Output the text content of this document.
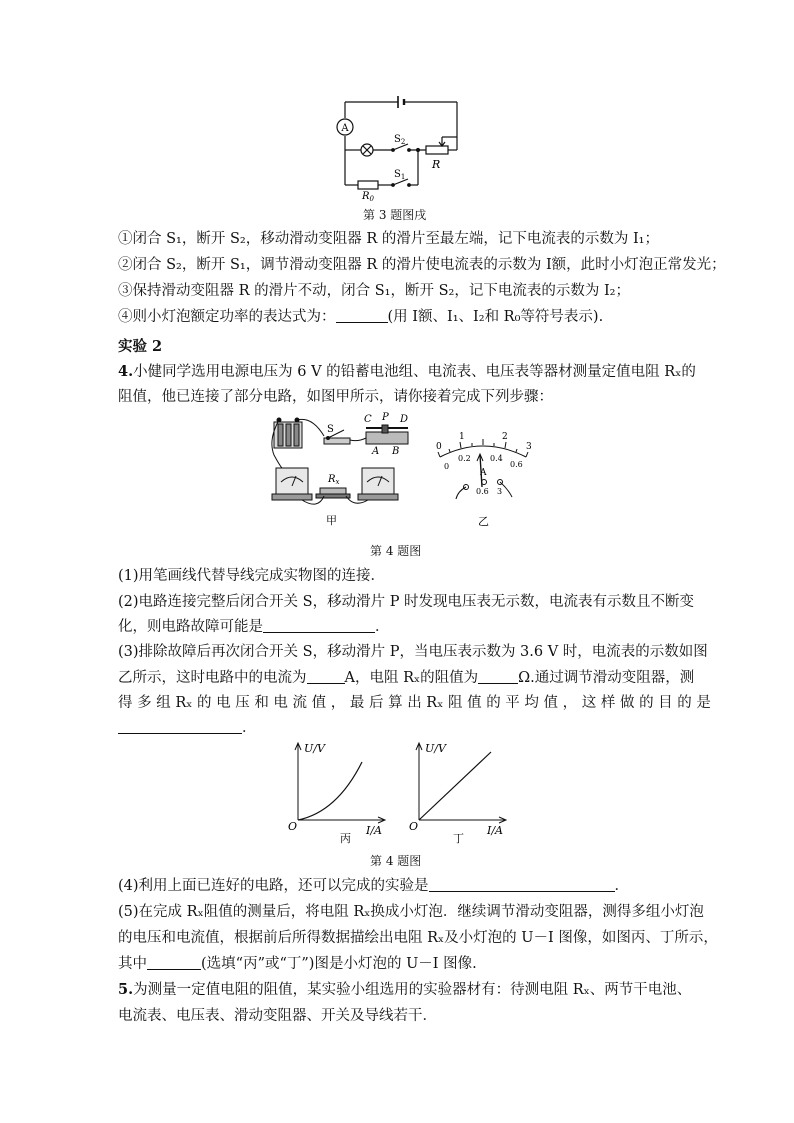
A
$S_2$
$S_1$
R
$R_0$
第 3 题图戌
①闭合 S₁，断开 S₂，移动滑动变阻器 R 的滑片至最左端，记下电流表的示数为 I₁；
②闭合 S₂，断开 S₁，调节滑动变阻器 R 的滑片使电流表的示数为 I额，此时小灯泡正常发光；
③保持滑动变阻器 R 的滑片不动，闭合 S₁，断开 S₂，记下电流表的示数为 I₂；
④则小灯泡额定功率的表达式为：	(用 I额、I₁、I₂和 R₀等符号表示).
实验 2
4.小健同学选用电源电压为 6 V 的铅蓄电池组、电流表、电压表等器材测量定值电阻 Rₓ的
阻值，他已连接了部分电路，如图甲所示，请你接着完成下列步骤：
S
C P D
A B
$R_x$
甲
0
1	2
3
0
0.2 0.4
0.6
A
0.6 3
乙
第 4 题图
(1)用笔画线代替导线完成实物图的连接．
(2)电路连接完整后闭合开关 S，移动滑片 P 时发现电压表无示数，电流表有示数且不断变
化，则电路故障可能是	．
(3)排除故障后再次闭合开关 S，移动滑片 P，当电压表示数为 3.6 V 时，电流表的示数如图
乙所示，这时电路中的电流为	A，电阻 Rₓ的阻值为	Ω.通过调节滑动变阻器，测
得 多 组 Rₓ 的 电 压 和 电 流 值 ， 最 后 算 出 Rₓ 阻 值 的 平 均 值 ， 这 样 做 的 目 的 是
．
U/V
O	I/A
丙
U/V
O	I/A
丁
第 4 题图
(4)利用上面已连好的电路，还可以完成的实验是	．
(5)在完成 Rₓ阻值的测量后，将电阻 Rₓ换成小灯泡．继续调节滑动变阻器，测得多组小灯泡
的电压和电流值，根据前后所得数据描绘出电阻 Rₓ及小灯泡的 U－I 图像，如图丙、丁所示，
其中	(选填“丙”或“丁”)图是小灯泡的 U－I 图像.
5.为测量一定值电阻的阻值，某实验小组选用的实验器材有：待测电阻 Rₓ、两节干电池、
电流表、电压表、滑动变阻器、开关及导线若干．
